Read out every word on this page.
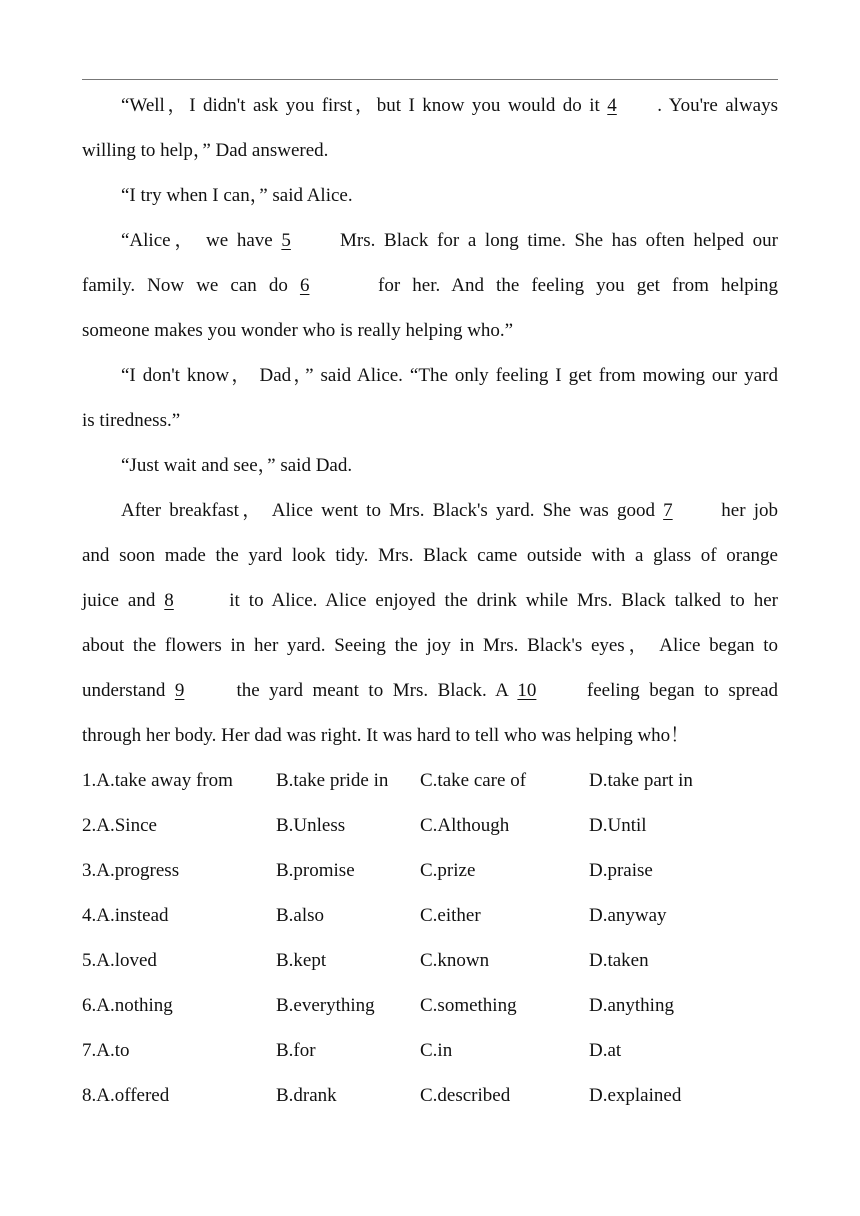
“Well，I didn't ask you first，but I know you would do it 4 . You're always
willing to help，” Dad answered.
“I try when I can，” said Alice.
“Alice， we have 5 Mrs. Black for a long time. She has often helped our
family. Now we can do 6	for her. And the feeling you get from helping
someone makes you wonder who is really helping who.”
“I don't know， Dad，” said Alice. “The only feeling I get from mowing our yard
is tiredness.”
“Just wait and see，” said Dad.
After breakfast， Alice went to Mrs. Black's yard. She was good 7 her job
and soon made the yard look tidy. Mrs. Black came outside with a glass of orange
juice and 8 it to Alice. Alice enjoyed the drink while Mrs. Black talked to her
about the flowers in her yard. Seeing the joy in Mrs. Black's eyes， Alice began to
understand 9 the yard meant to Mrs. Black. A 10 feeling began to spread
through her body. Her dad was right. It was hard to tell who was helping who！
1.A.take away from B.take pride in C.take care of	D.take part in
2.A.Since	B.Unless	C.Although	D.Until
3.A.progress	B.promise	C.prize	D.praise
4.A.instead	B.also	C.either	D.anyway
5.A.loved	B.kept	C.known	D.taken
6.A.nothing	B.everything C.something	D.anything
7.A.to	B.for	C.in	D.at
8.A.offered	B.drank	C.described	D.explained
